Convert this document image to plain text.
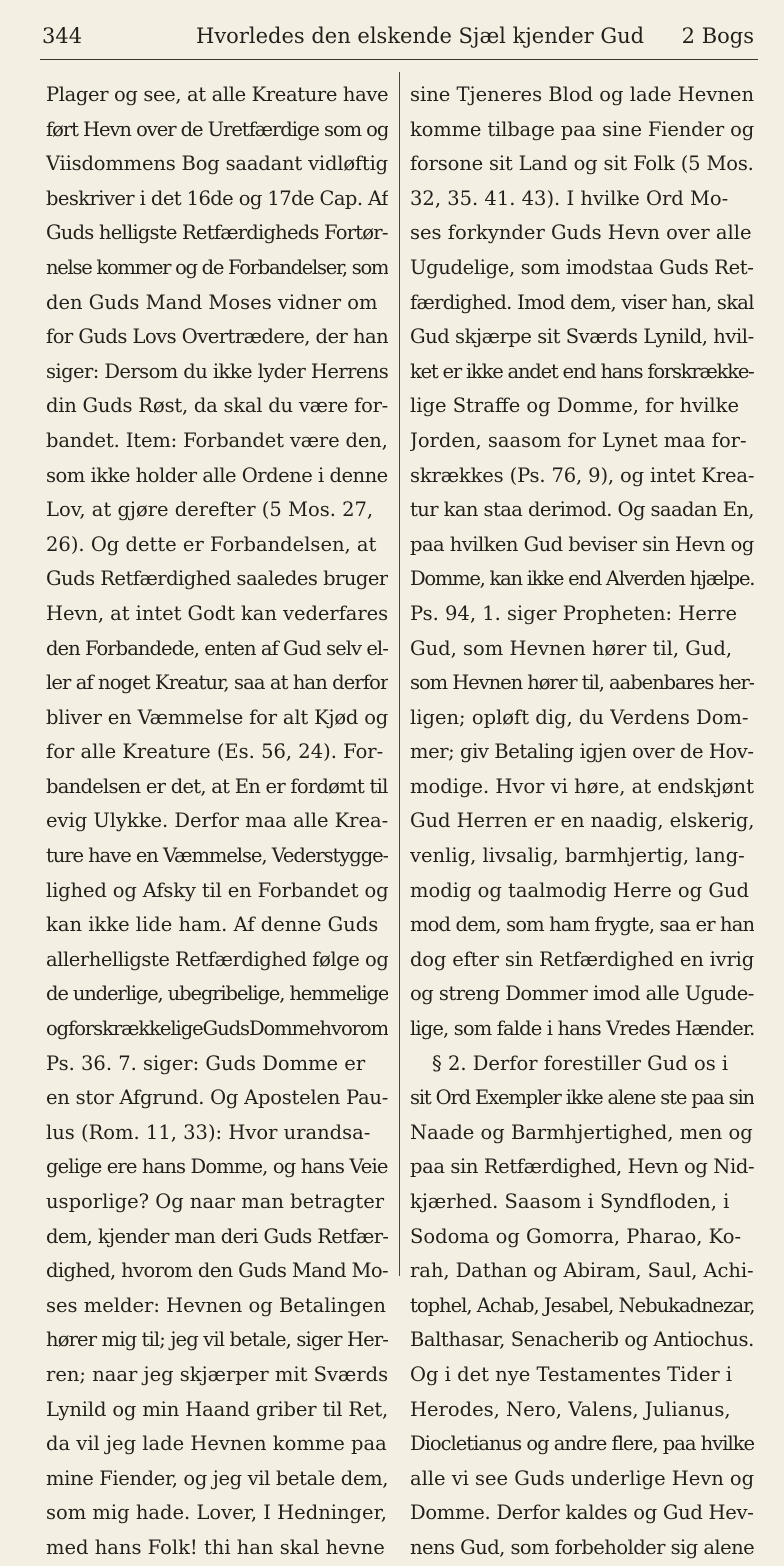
344	Hvorledes den elskende Sjæl kjender Gud 2 Bogs
Plager og see, at alle Kreature have
ført Hevn over de Uretfærdige som og
Viisdommens Bog saadant vidløftig
beskriver i det 16de og 17de Cap. Af
Guds helligste Retfærdigheds Fortør-
nelse kommer og de Forbandelser, som
den Guds Mand Moses vidner om
for Guds Lovs Overtrædere, der han
siger: Dersom du ikke lyder Herrens
din Guds Røst, da skal du være for-
bandet. Item: Forbandet være den,
som ikke holder alle Ordene i denne
Lov, at gjøre derefter (5 Mos. 27,
26). Og dette er Forbandelsen, at
Guds Retfærdighed saaledes bruger
Hevn, at intet Godt kan vederfares
den Forbandede, enten af Gud selv el-
ler af noget Kreatur, saa at han derfor
bliver en Væmmelse for alt Kjød og
for alle Kreature (Es. 56, 24). For-
bandelsen er det, at En er fordømt til
evig Ulykke. Derfor maa alle Krea-
ture have en Væmmelse, Vederstygge-
lighed og Afsky til en Forbandet og
kan ikke lide ham. Af denne Guds
allerhelligste Retfærdighed følge og
de underlige, ubegribelige, hemmelige
ogforskrækkeligeGudsDommehvorom
Ps. 36. 7. siger: Guds Domme er
en stor Afgrund. Og Apostelen Pau-
lus (Rom. 11, 33): Hvor urandsa-
gelige ere hans Domme, og hans Veie
usporlige? Og naar man betragter
dem, kjender man deri Guds Retfær-
dighed, hvorom den Guds Mand Mo-
ses melder: Hevnen og Betalingen
hører mig til; jeg vil betale, siger Her-
ren; naar jeg skjærper mit Sværds
Lynild og min Haand griber til Ret,
da vil jeg lade Hevnen komme paa
mine Fiender, og jeg vil betale dem,
som mig hade. Lover, I Hedninger,
med hans Folk! thi han skal hevne
sine Tjeneres Blod og lade Hevnen
komme tilbage paa sine Fiender og
forsone sit Land og sit Folk (5 Mos.
32, 35. 41. 43). I hvilke Ord Mo-
ses forkynder Guds Hevn over alle
Ugudelige, som imodstaa Guds Ret-
færdighed. Imod dem, viser han, skal
Gud skjærpe sit Sværds Lynild, hvil-
ket er ikke andet end hans forskrække-
lige Straffe og Domme, for hvilke
Jorden, saasom for Lynet maa for-
skrækkes (Ps. 76, 9), og intet Krea-
tur kan staa derimod. Og saadan En,
paa hvilken Gud beviser sin Hevn og
Domme, kan ikke end Alverden hjælpe.
Ps. 94, 1. siger Propheten: Herre
Gud, som Hevnen hører til, Gud,
som Hevnen hører til, aabenbares her-
ligen; opløft dig, du Verdens Dom-
mer; giv Betaling igjen over de Hov-
modige. Hvor vi høre, at endskjønt
Gud Herren er en naadig, elskerig,
venlig, livsalig, barmhjertig, lang-
modig og taalmodig Herre og Gud
mod dem, som ham frygte, saa er han
dog efter sin Retfærdighed en ivrig
og streng Dommer imod alle Ugude-
lige, som falde i hans Vredes Hænder.
§ 2. Derfor forestiller Gud os i
sit Ord Exempler ikke alene ste paa sin
Naade og Barmhjertighed, men og
paa sin Retfærdighed, Hevn og Nid-
kjærhed. Saasom i Syndfloden, i
Sodoma og Gomorra, Pharao, Ko-
rah, Dathan og Abiram, Saul, Achi-
tophel, Achab, Jesabel, Nebukadnezar,
Balthasar, Senacherib og Antiochus.
Og i det nye Testamentes Tider i
Herodes, Nero, Valens, Julianus,
Diocletianus og andre flere, paa hvilke
alle vi see Guds underlige Hevn og
Domme. Derfor kaldes og Gud Hev-
nens Gud, som forbeholder sig alene
